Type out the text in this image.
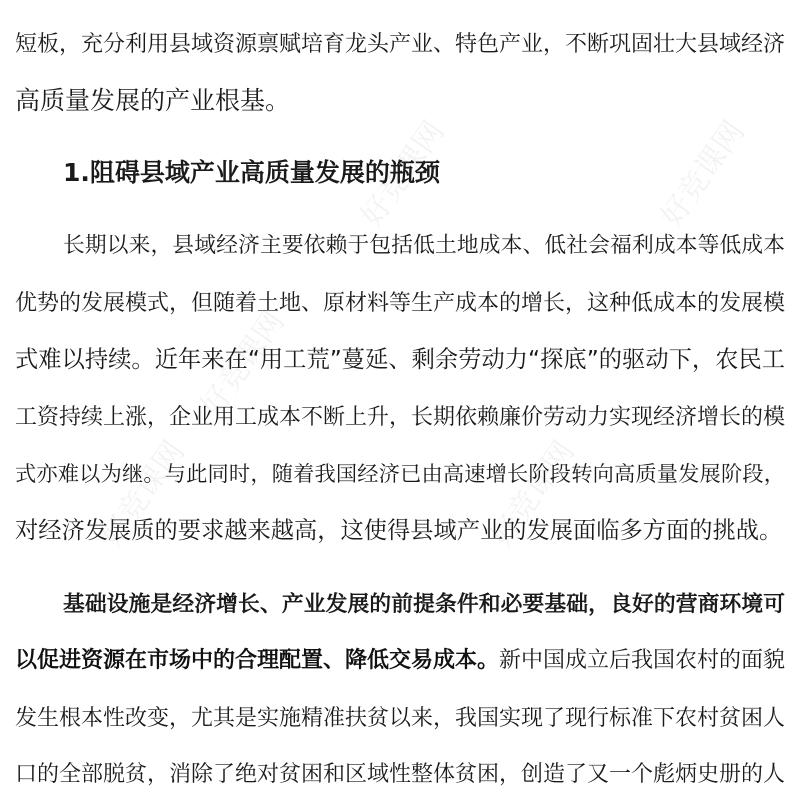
好竞课网	好竞课网
好竞课网
好竞课网	好竞课网
短板，充分利用县域资源禀赋培育龙头产业、特色产业，不断巩固壮大县域经济
高质量发展的产业根基。
1.阻碍县域产业高质量发展的瓶颈
长期以来，县域经济主要依赖于包括低土地成本、低社会福利成本等低成本
优势的发展模式，但随着土地、原材料等生产成本的增长，这种低成本的发展模
式难以持续。近年来在“用工荒”蔓延、剩余劳动力“探底”的驱动下，农民工
工资持续上涨，企业用工成本不断上升，长期依赖廉价劳动力实现经济增长的模
式亦难以为继。与此同时，随着我国经济已由高速增长阶段转向高质量发展阶段，
对经济发展质的要求越来越高，这使得县域产业的发展面临多方面的挑战。
基础设施是经济增长、产业发展的前提条件和必要基础，良好的营商环境可
以促进资源在市场中的合理配置、降低交易成本。新中国成立后我国农村的面貌
发生根本性改变，尤其是实施精准扶贫以来，我国实现了现行标准下农村贫困人
口的全部脱贫，消除了绝对贫困和区域性整体贫困，创造了又一个彪炳史册的人
